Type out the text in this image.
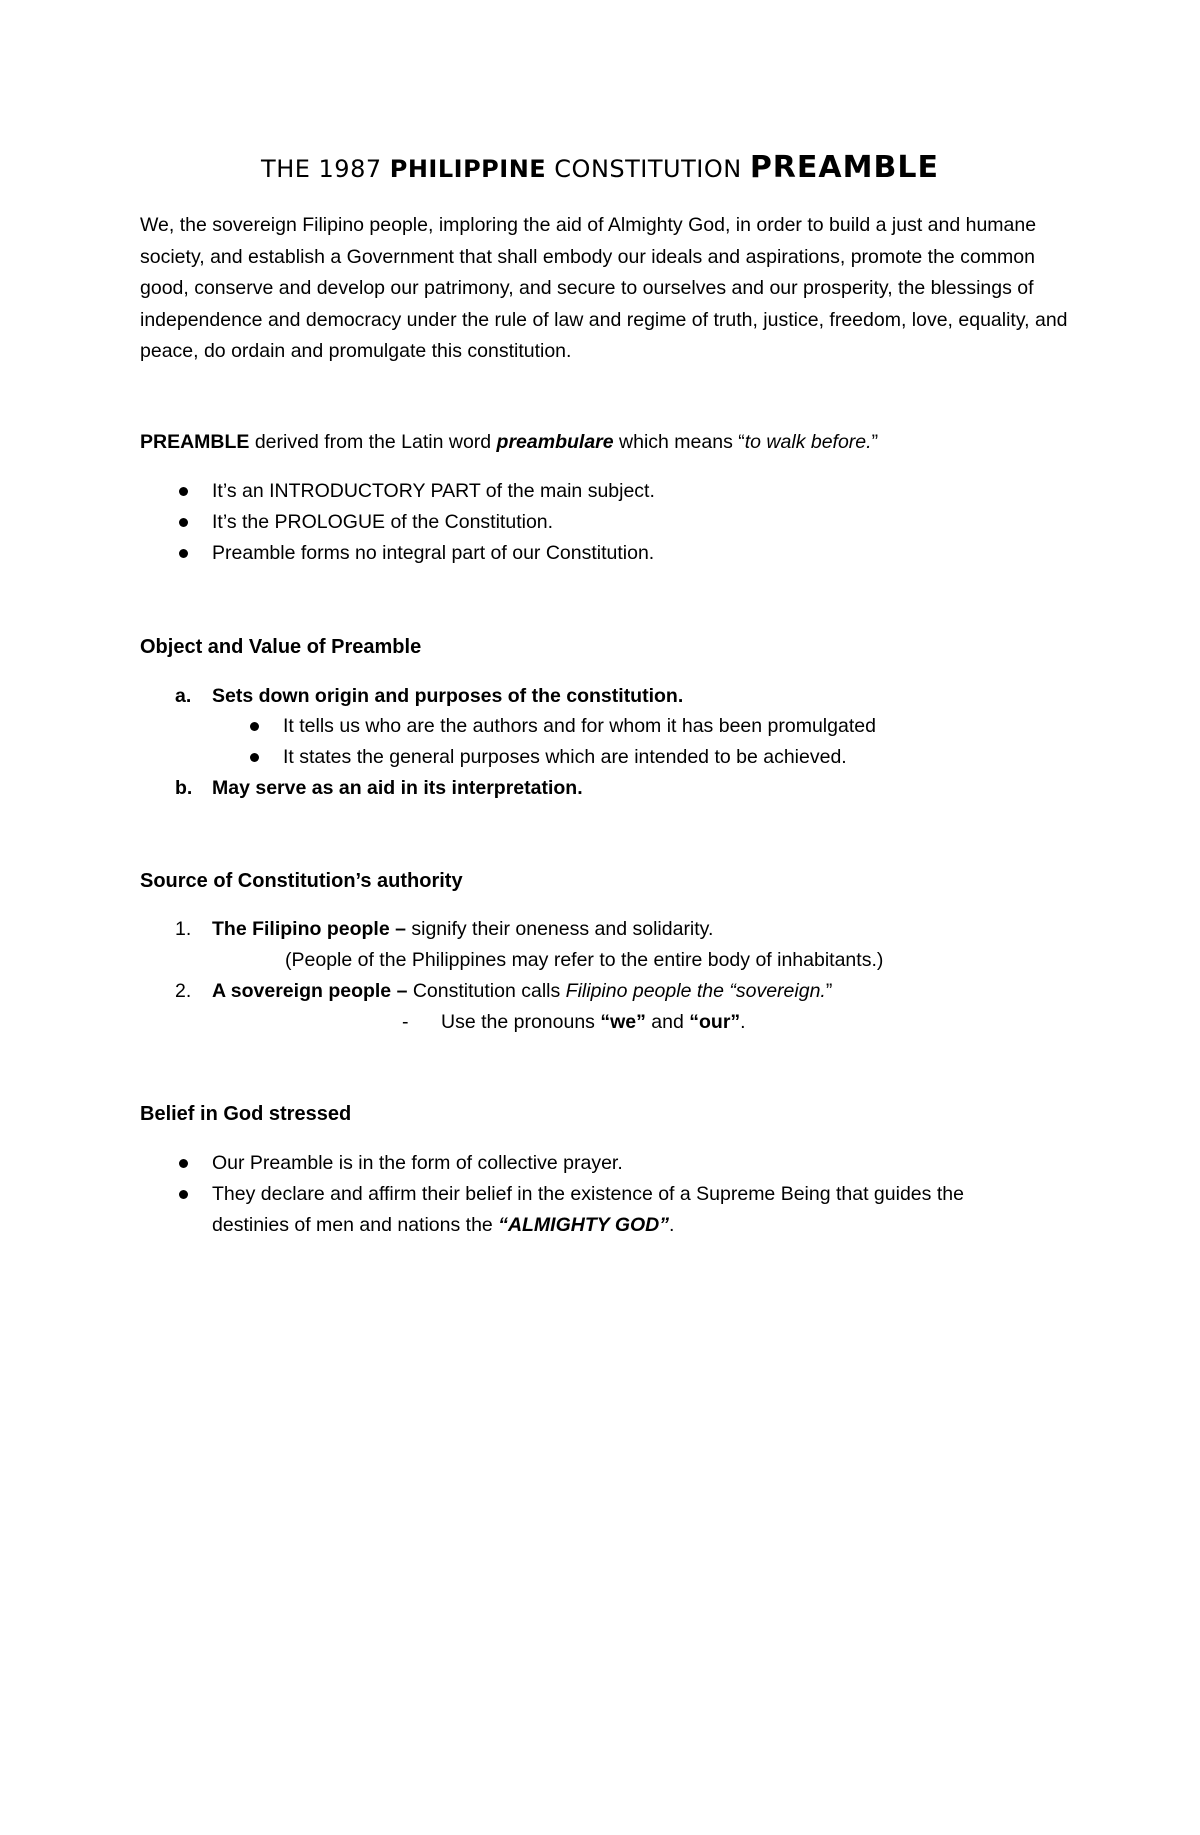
THE 1987 PHILIPPINE CONSTITUTION PREAMBLE
We, the sovereign Filipino people, imploring the aid of Almighty God, in order to build a just and humane society, and establish a Government that shall embody our ideals and aspirations, promote the common good, conserve and develop our patrimony, and secure to ourselves and our prosperity, the blessings of independence and democracy under the rule of law and regime of truth, justice, freedom, love, equality, and peace, do ordain and promulgate this constitution.
PREAMBLE derived from the Latin word preambulare which means “to walk before.”
It’s an INTRODUCTORY PART of the main subject.
It’s the PROLOGUE of the Constitution.
Preamble forms no integral part of our Constitution.
Object and Value of Preamble
a. Sets down origin and purposes of the constitution.
It tells us who are the authors and for whom it has been promulgated
It states the general purposes which are intended to be achieved.
b. May serve as an aid in its interpretation.
Source of Constitution’s authority
1. The Filipino people – signify their oneness and solidarity.
(People of the Philippines may refer to the entire body of inhabitants.)
2. A sovereign people – Constitution calls Filipino people the “sovereign.”
- Use the pronouns “we” and “our”.
Belief in God stressed
Our Preamble is in the form of collective prayer.
They declare and affirm their belief in the existence of a Supreme Being that guides the
destinies of men and nations the “ALMIGHTY GOD”.
